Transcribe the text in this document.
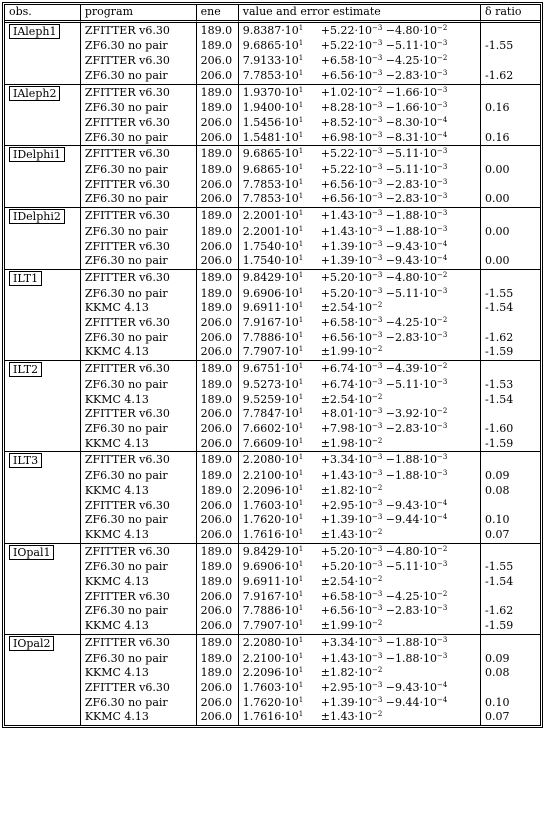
obs.	program	ene	value and error estimate	δ ratio
IAleph1	ZFITTER v6.30	189.0	$9.8387\cdot 10^1 +5.22\cdot 10^{-3} -4.80\cdot 10^{-2}$	
	ZF6.30 no pair	189.0	$9.6865\cdot 10^1 +5.22\cdot 10^{-3} -5.11\cdot 10^{-3}$	-1.55
	ZFITTER v6.30	206.0	$7.9133\cdot 10^1 +6.58\cdot 10^{-3} -4.25\cdot 10^{-2}$	
	ZF6.30 no pair	206.0	$7.7853\cdot 10^1 +6.56\cdot 10^{-3} -2.83\cdot 10^{-3}$	-1.62
IAleph2	ZFITTER v6.30	189.0	$1.9370\cdot 10^1 +1.02\cdot 10^{-2} -1.66\cdot 10^{-3}$	
	ZF6.30 no pair	189.0	$1.9400\cdot 10^1 +8.28\cdot 10^{-3} -1.66\cdot 10^{-3}$	0.16
	ZFITTER v6.30	206.0	$1.5456\cdot 10^1 +8.52\cdot 10^{-3} -8.30\cdot 10^{-4}$	
	ZF6.30 no pair	206.0	$1.5481\cdot 10^1 +6.98\cdot 10^{-3} -8.31\cdot 10^{-4}$	0.16
IDelphi1	ZFITTER v6.30	189.0	$9.6865\cdot 10^1 +5.22\cdot 10^{-3} -5.11\cdot 10^{-3}$	
	ZF6.30 no pair	189.0	$9.6865\cdot 10^1 +5.22\cdot 10^{-3} -5.11\cdot 10^{-3}$	0.00
	ZFITTER v6.30	206.0	$7.7853\cdot 10^1 +6.56\cdot 10^{-3} -2.83\cdot 10^{-3}$	
	ZF6.30 no pair	206.0	$7.7853\cdot 10^1 +6.56\cdot 10^{-3} -2.83\cdot 10^{-3}$	0.00
IDelphi2	ZFITTER v6.30	189.0	$2.2001\cdot 10^1 +1.43\cdot 10^{-3} -1.88\cdot 10^{-3}$	
	ZF6.30 no pair	189.0	$2.2001\cdot 10^1 +1.43\cdot 10^{-3} -1.88\cdot 10^{-3}$	0.00
	ZFITTER v6.30	206.0	$1.7540\cdot 10^1 +1.39\cdot 10^{-3} -9.43\cdot 10^{-4}$	
	ZF6.30 no pair	206.0	$1.7540\cdot 10^1 +1.39\cdot 10^{-3} -9.43\cdot 10^{-4}$	0.00
ILT1	ZFITTER v6.30	189.0	$9.8429\cdot 10^1 +5.20\cdot 10^{-3} -4.80\cdot 10^{-2}$	
	ZF6.30 no pair	189.0	$9.6906\cdot 10^1 +5.20\cdot 10^{-3} -5.11\cdot 10^{-3}$	-1.55
	KKMC 4.13	189.0	$9.6911\cdot 10^1 \pm 2.54\cdot 10^{-2}$	-1.54
	ZFITTER v6.30	206.0	$7.9167\cdot 10^1 +6.58\cdot 10^{-3} -4.25\cdot 10^{-2}$	
	ZF6.30 no pair	206.0	$7.7886\cdot 10^1 +6.56\cdot 10^{-3} -2.83\cdot 10^{-3}$	-1.62
	KKMC 4.13	206.0	$7.7907\cdot 10^1 \pm 1.99\cdot 10^{-2}$	-1.59
ILT2	ZFITTER v6.30	189.0	$9.6751\cdot 10^1 +6.74\cdot 10^{-3} -4.39\cdot 10^{-2}$	
	ZF6.30 no pair	189.0	$9.5273\cdot 10^1 +6.74\cdot 10^{-3} -5.11\cdot 10^{-3}$	-1.53
	KKMC 4.13	189.0	$9.5259\cdot 10^1 \pm 2.54\cdot 10^{-2}$	-1.54
	ZFITTER v6.30	206.0	$7.7847\cdot 10^1 +8.01\cdot 10^{-3} -3.92\cdot 10^{-2}$	
	ZF6.30 no pair	206.0	$7.6602\cdot 10^1 +7.98\cdot 10^{-3} -2.83\cdot 10^{-3}$	-1.60
	KKMC 4.13	206.0	$7.6609\cdot 10^1 \pm 1.98\cdot 10^{-2}$	-1.59
ILT3	ZFITTER v6.30	189.0	$2.2080\cdot 10^1 +3.34\cdot 10^{-3} -1.88\cdot 10^{-3}$	
	ZF6.30 no pair	189.0	$2.2100\cdot 10^1 +1.43\cdot 10^{-3} -1.88\cdot 10^{-3}$	0.09
	KKMC 4.13	189.0	$2.2096\cdot 10^1 \pm 1.82\cdot 10^{-2}$	0.08
	ZFITTER v6.30	206.0	$1.7603\cdot 10^1 +2.95\cdot 10^{-3} -9.43\cdot 10^{-4}$	
	ZF6.30 no pair	206.0	$1.7620\cdot 10^1 +1.39\cdot 10^{-3} -9.44\cdot 10^{-4}$	0.10
	KKMC 4.13	206.0	$1.7616\cdot 10^1 \pm 1.43\cdot 10^{-2}$	0.07
IOpal1	ZFITTER v6.30	189.0	$9.8429\cdot 10^1 +5.20\cdot 10^{-3} -4.80\cdot 10^{-2}$	
	ZF6.30 no pair	189.0	$9.6906\cdot 10^1 +5.20\cdot 10^{-3} -5.11\cdot 10^{-3}$	-1.55
	KKMC 4.13	189.0	$9.6911\cdot 10^1 \pm 2.54\cdot 10^{-2}$	-1.54
	ZFITTER v6.30	206.0	$7.9167\cdot 10^1 +6.58\cdot 10^{-3} -4.25\cdot 10^{-2}$	
	ZF6.30 no pair	206.0	$7.7886\cdot 10^1 +6.56\cdot 10^{-3} -2.83\cdot 10^{-3}$	-1.62
	KKMC 4.13	206.0	$7.7907\cdot 10^1 \pm 1.99\cdot 10^{-2}$	-1.59
IOpal2	ZFITTER v6.30	189.0	$2.2080\cdot 10^1 +3.34\cdot 10^{-3} -1.88\cdot 10^{-3}$	
	ZF6.30 no pair	189.0	$2.2100\cdot 10^1 +1.43\cdot 10^{-3} -1.88\cdot 10^{-3}$	0.09
	KKMC 4.13	189.0	$2.2096\cdot 10^1 \pm 1.82\cdot 10^{-2}$	0.08
	ZFITTER v6.30	206.0	$1.7603\cdot 10^1 +2.95\cdot 10^{-3} -9.43\cdot 10^{-4}$	
	ZF6.30 no pair	206.0	$1.7620\cdot 10^1 +1.39\cdot 10^{-3} -9.44\cdot 10^{-4}$	0.10
	KKMC 4.13	206.0	$1.7616\cdot 10^1 \pm 1.43\cdot 10^{-2}$	0.07
